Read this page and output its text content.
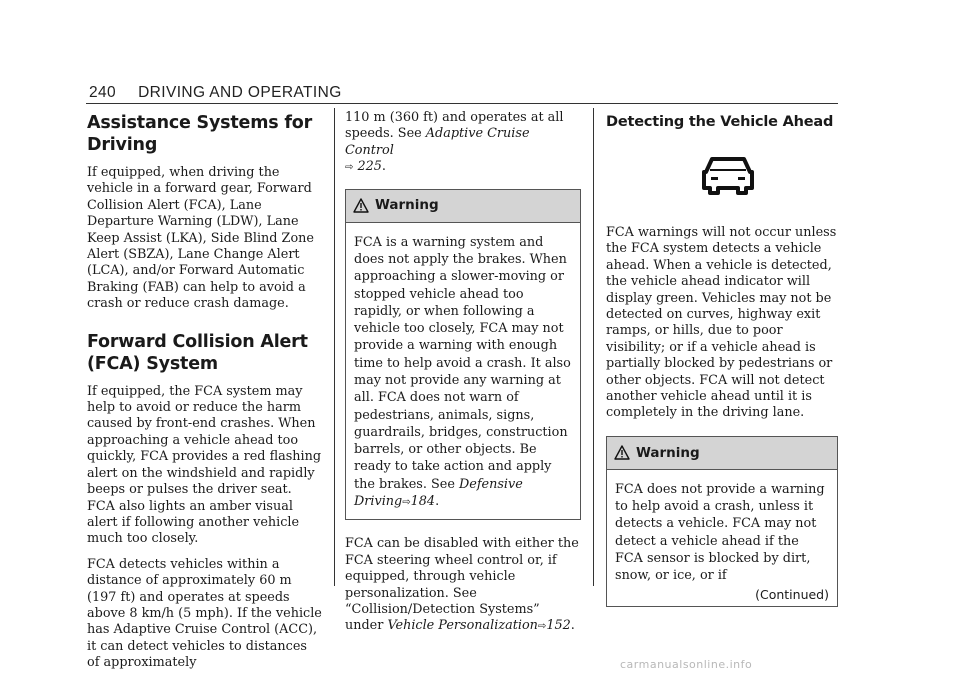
240 DRIVING AND OPERATING
Assistance Systems for
Driving

If equipped, when driving the vehicle in a forward gear, Forward Collision Alert (FCA), Lane Departure Warning (LDW), Lane Keep Assist (LKA), Side Blind Zone Alert (SBZA), Lane Change Alert (LCA), and/or Forward Automatic Braking (FAB) can help to avoid a crash or reduce crash damage.

Forward Collision Alert
(FCA) System

If equipped, the FCA system may help to avoid or reduce the harm caused by front-end crashes. When approaching a vehicle ahead too quickly, FCA provides a red flashing alert on the windshield and rapidly beeps or pulses the driver seat. FCA also lights an amber visual alert if following another vehicle much too closely.

FCA detects vehicles within a distance of approximately 60 m (197 ft) and operates at speeds above 8 km/h (5 mph). If the vehicle has Adaptive Cruise Control (ACC), it can detect vehicles to distances of approximately

110 m (360 ft) and operates at all speeds. See Adaptive Cruise Control
⇨ 225.

Warning

FCA is a warning system and does not apply the brakes. When approaching a slower-moving or stopped vehicle ahead too rapidly, or when following a vehicle too closely, FCA may not provide a warning with enough time to help avoid a crash. It also may not provide any warning at all. FCA does not warn of pedestrians, animals, signs, guardrails, bridges, construction barrels, or other objects. Be ready to take action and apply the brakes. See Defensive Driving⇨184.

FCA can be disabled with either the FCA steering wheel control or, if equipped, through vehicle personalization. See “Collision/Detection Systems” under Vehicle Personalization⇨152.

Detecting the Vehicle Ahead

FCA warnings will not occur unless the FCA system detects a vehicle ahead. When a vehicle is detected, the vehicle ahead indicator will display green. Vehicles may not be detected on curves, highway exit ramps, or hills, due to poor visibility; or if a vehicle ahead is partially blocked by pedestrians or other objects. FCA will not detect another vehicle ahead until it is completely in the driving lane.

Warning

FCA does not provide a warning to help avoid a crash, unless it detects a vehicle. FCA may not detect a vehicle ahead if the FCA sensor is blocked by dirt, snow, or ice, or if

(Continued)
carmanualsonline.info
